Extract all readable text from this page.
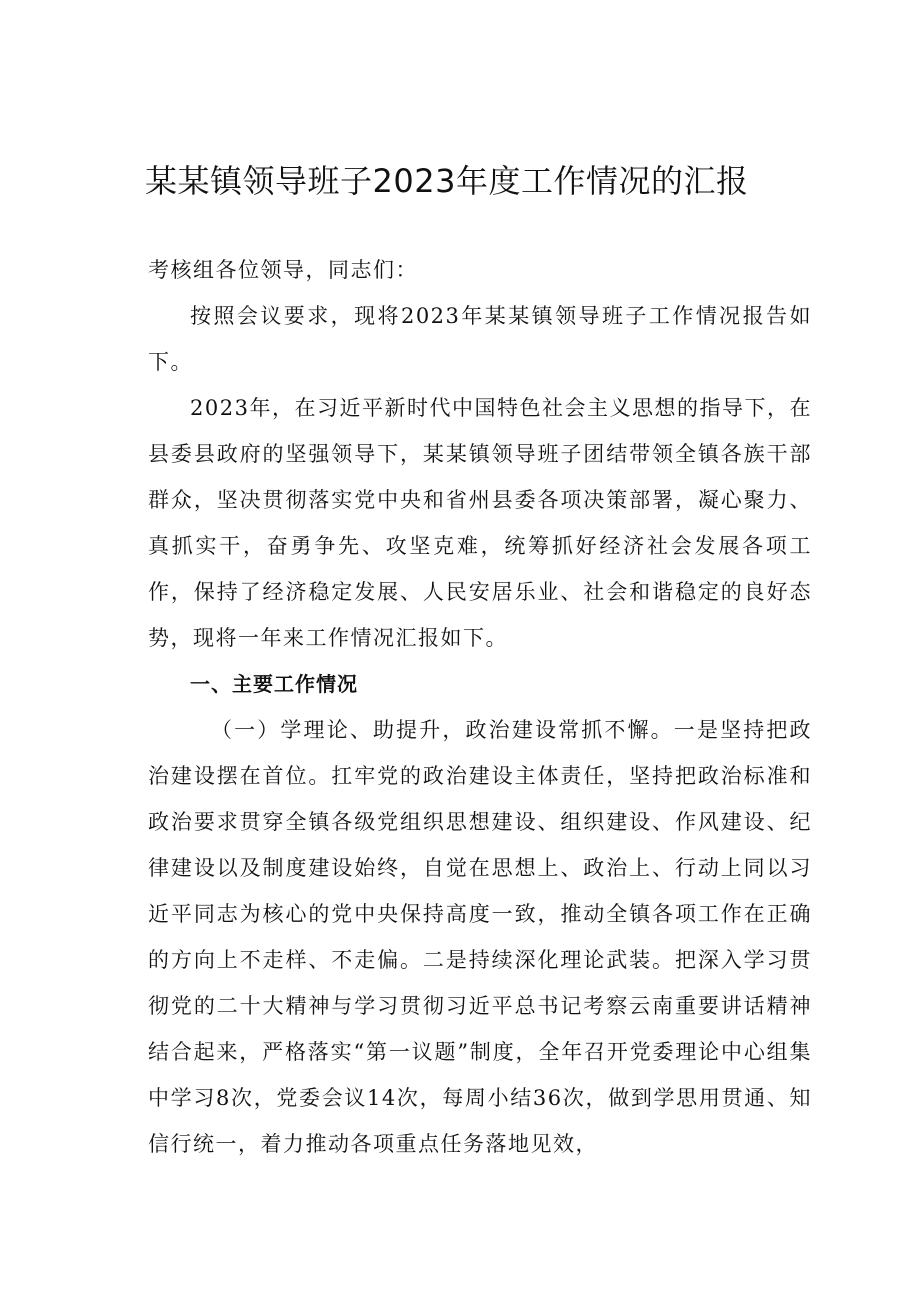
某某镇领导班子2023年度工作情况的汇报

考核组各位领导，同志们：

按照会议要求，现将2023年某某镇领导班子工作情况报告如下。

2023年，在习近平新时代中国特色社会主义思想的指导下，在县委县政府的坚强领导下，某某镇领导班子团结带领全镇各族干部群众，坚决贯彻落实党中央和省州县委各项决策部署，凝心聚力、真抓实干，奋勇争先、攻坚克难，统筹抓好经济社会发展各项工作，保持了经济稳定发展、人民安居乐业、社会和谐稳定的良好态势，现将一年来工作情况汇报如下。

一、主要工作情况

（一）学理论、助提升，政治建设常抓不懈。一是坚持把政治建设摆在首位。扛牢党的政治建设主体责任，坚持把政治标准和政治要求贯穿全镇各级党组织思想建设、组织建设、作风建设、纪律建设以及制度建设始终，自觉在思想上、政治上、行动上同以习近平同志为核心的党中央保持高度一致，推动全镇各项工作在正确的方向上不走样、不走偏。二是持续深化理论武装。把深入学习贯彻党的二十大精神与学习贯彻习近平总书记考察云南重要讲话精神结合起来，严格落实“第一议题”制度，全年召开党委理论中心组集中学习8次，党委会议14次，每周小结36次，做到学思用贯通、知信行统一，着力推动各项重点任务落地见效，
